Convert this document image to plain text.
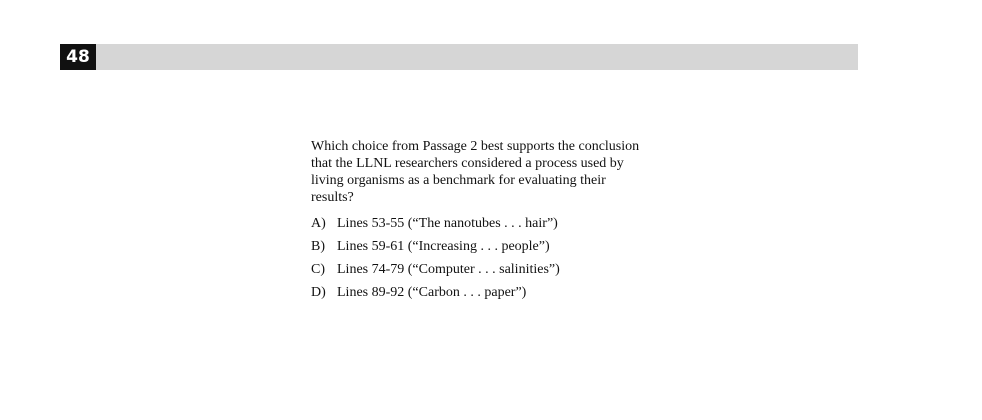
48

Which choice from Passage 2 best supports the conclusion that the LLNL researchers considered a process used by living organisms as a benchmark for evaluating their results?

A) Lines 53-55 (“The nanotubes . . . hair”)
B) Lines 59-61 (“Increasing . . . people”)
C) Lines 74-79 (“Computer . . . salinities”)
D) Lines 89-92 (“Carbon . . . paper”)
